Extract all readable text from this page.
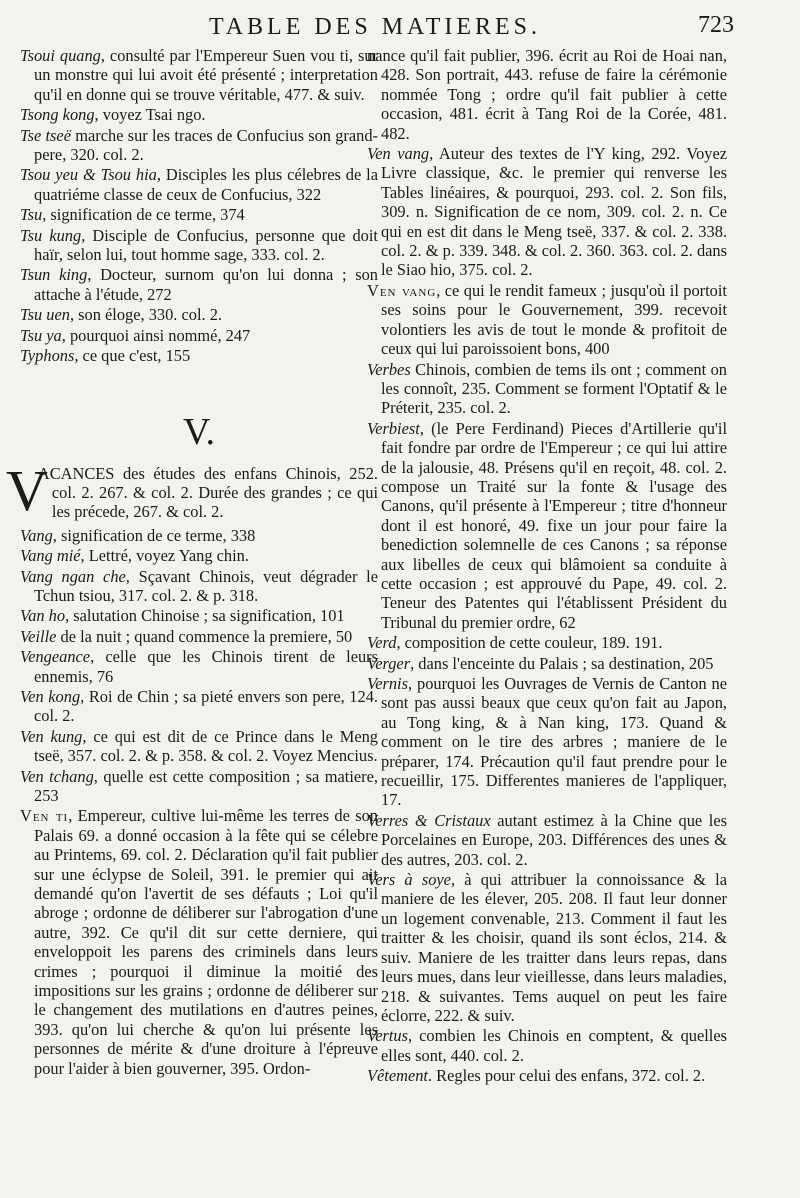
TABLE DES MATIERES.	723

Tsoui quang, consulté par l'Empereur Suen vou ti, sur un monstre qui lui avoit été présenté ; interpretation qu'il en donne qui se trouve véritable, 477. & suiv.

Tsong kong, voyez Tsai ngo.

Tse tseë marche sur les traces de Confucius son grand-pere, 320. col. 2.

Tsou yeu & Tsou hia, Disciples les plus célebres de la quatriéme classe de ceux de Confucius, 322

Tsu, signification de ce terme, 374

Tsu kung, Disciple de Confucius, personne que doit haïr, selon lui, tout homme sage, 333. col. 2.

Tsun king, Docteur, surnom qu'on lui donna ; son attache à l'étude, 272

Tsu uen, son éloge, 330. col. 2.

Tsu ya, pourquoi ainsi nommé, 247

Typhons, ce que c'est, 155

V.

V
ACANCES des études des enfans Chinois, 252. col. 2. 267. & col. 2. Durée des grandes ; ce qui les précede, 267. & col. 2.

Vang, signification de ce terme, 338

Vang mié, Lettré, voyez Yang chin.

Vang ngan che, Sçavant Chinois, veut dégrader le Tchun tsiou, 317. col. 2. & p. 318.

Van ho, salutation Chinoise ; sa signification, 101

Veille de la nuit ; quand commence la premiere, 50

Vengeance, celle que les Chinois tirent de leurs ennemis, 76

Ven kong, Roi de Chin ; sa pieté envers son pere, 124. col. 2.

Ven kung, ce qui est dit de ce Prince dans le Meng tseë, 357. col. 2. & p. 358. & col. 2. Voyez Mencius.

Ven tchang, quelle est cette composition ; sa matiere, 253

Ven ti, Empereur, cultive lui-même les terres de son Palais 69. a donné occasion à la fête qui se célebre au Printems, 69. col. 2. Déclaration qu'il fait publier sur une éclypse de Soleil, 391. le premier qui ait demandé qu'on l'avertit de ses défauts ; Loi qu'il abroge ; ordonne de déliberer sur l'abrogation d'une autre, 392. Ce qu'il dit sur cette derniere, qui enveloppoit les parens des criminels dans leurs crimes ; pourquoi il diminue la moitié des impositions sur les grains ; ordonne de déliberer sur le changement des mutilations en d'autres peines, 393. qu'on lui cherche & qu'on lui présente les personnes de mérite & d'une droiture à l'épreuve pour l'aider à bien gouverner, 395. Ordon-

nance qu'il fait publier, 396. écrit au Roi de Hoai nan, 428. Son portrait, 443. refuse de faire la cérémonie nommée Tong ; ordre qu'il fait publier à cette occasion, 481. écrit à Tang Roi de la Corée, 481. 482.

Ven vang, Auteur des textes de l'Y king, 292. Voyez Livre classique, &c. le premier qui renverse les Tables linéaires, & pourquoi, 293. col. 2. Son fils, 309. n. Signification de ce nom, 309. col. 2. n. Ce qui en est dit dans le Meng tseë, 337. & col. 2. 338. col. 2. & p. 339. 348. & col. 2. 360. 363. col. 2. dans le Siao hio, 375. col. 2.

Ven vang, ce qui le rendit fameux ; jusqu'où il portoit ses soins pour le Gouvernement, 399. recevoit volontiers les avis de tout le monde & profitoit de ceux qui lui paroissoient bons, 400

Verbes Chinois, combien de tems ils ont ; comment on les connoît, 235. Comment se forment l'Optatif & le Préterit, 235. col. 2.

Verbiest, (le Pere Ferdinand) Pieces d'Artillerie qu'il fait fondre par ordre de l'Empereur ; ce qui lui attire de la jalousie, 48. Présens qu'il en reçoit, 48. col. 2. compose un Traité sur la fonte & l'usage des Canons, qu'il présente à l'Empereur ; titre d'honneur dont il est honoré, 49. fixe un jour pour faire la benediction solemnelle de ces Canons ; sa réponse aux libelles de ceux qui blâmoient sa conduite à cette occasion ; est approuvé du Pape, 49. col. 2. Teneur des Patentes qui l'établissent Président du Tribunal du premier ordre, 62

Verd, composition de cette couleur, 189. 191.

Verger, dans l'enceinte du Palais ; sa destination, 205

Vernis, pourquoi les Ouvrages de Vernis de Canton ne sont pas aussi beaux que ceux qu'on fait au Japon, au Tong king, & à Nan king, 173. Quand & comment on le tire des arbres ; maniere de le préparer, 174. Précaution qu'il faut prendre pour le recueillir, 175. Differentes manieres de l'appliquer, 17.

Verres & Cristaux autant estimez à la Chine que les Porcelaines en Europe, 203. Différences des unes & des autres, 203. col. 2.

Vers à soye, à qui attribuer la connoissance & la maniere de les élever, 205. 208. Il faut leur donner un logement convenable, 213. Comment il faut les traitter & les choisir, quand ils sont éclos, 214. & suiv. Maniere de les traitter dans leurs repas, dans leurs mues, dans leur vieillesse, dans leurs maladies, 218. & suivantes. Tems auquel on peut les faire éclorre, 222. & suiv.

Vertus, combien les Chinois en comptent, & quelles elles sont, 440. col. 2.

Vêtement. Regles pour celui des enfans, 372. col. 2.
